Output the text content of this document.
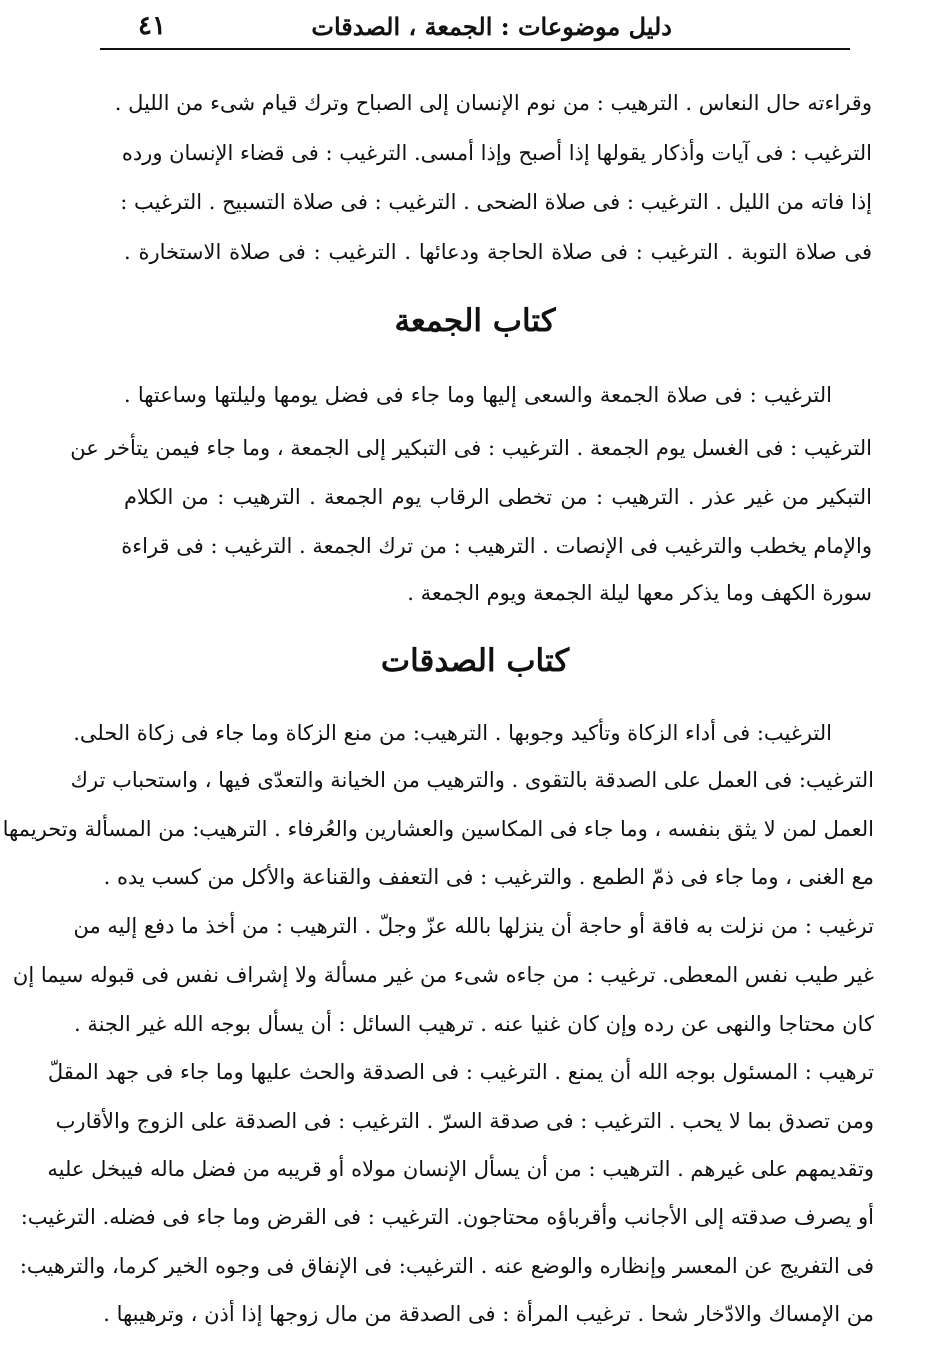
دليل موضوعات : الجمعة ، الصدقات
٤١
وقراءته حال النعاس . الترهيب : من نوم الإنسان إلى الصباح وترك قيام شىء من الليل .
الترغيب : فى آيات وأذكار يقولها إذا أصبح وإذا أمسى. الترغيب : فى قضاء الإنسان ورده
إذا فاته من الليل . الترغيب : فى صلاة الضحى . الترغيب : فى صلاة التسبيح . الترغيب :
فى صلاة التوبة . الترغيب : فى صلاة الحاجة ودعائها . الترغيب : فى صلاة الاستخارة .
كتاب الجمعة
الترغيب : فى صلاة الجمعة والسعى إليها وما جاء فى فضل يومها وليلتها وساعتها .
الترغيب : فى الغسل يوم الجمعة . الترغيب : فى التبكير إلى الجمعة ، وما جاء فيمن يتأخر عن
التبكير من غير عذر . الترهيب : من تخطى الرقاب يوم الجمعة . الترهيب : من الكلام
والإمام يخطب والترغيب فى الإنصات . الترهيب : من ترك الجمعة . الترغيب : فى قراءة
سورة الكهف وما يذكر معها ليلة الجمعة ويوم الجمعة .
كتاب الصدقات
الترغيب: فى أداء الزكاة وتأكيد وجوبها . الترهيب: من منع الزكاة وما جاء فى زكاة الحلى.
الترغيب: فى العمل على الصدقة بالتقوى . والترهيب من الخيانة والتعدّى فيها ، واستحباب ترك
العمل لمن لا يثق بنفسه ، وما جاء فى المكاسين والعشارين والعُرفاء . الترهيب: من المسألة وتحريمها
مع الغنى ، وما جاء فى ذمّ الطمع . والترغيب : فى التعفف والقناعة والأكل من كسب يده .
ترغيب : من نزلت به فاقة أو حاجة أن ينزلها بالله عزّ وجلّ . الترهيب : من أخذ ما دفع إليه من
غير طيب نفس المعطى. ترغيب : من جاءه شىء من غير مسألة ولا إشراف نفس فى قبوله سيما إن
كان محتاجا والنهى عن رده وإن كان غنيا عنه . ترهيب السائل : أن يسأل بوجه الله غير الجنة .
ترهيب : المسئول بوجه الله أن يمنع . الترغيب : فى الصدقة والحث عليها وما جاء فى جهد المقلّ
ومن تصدق بما لا يحب . الترغيب : فى صدقة السرّ . الترغيب : فى الصدقة على الزوج والأقارب
وتقديمهم على غيرهم . الترهيب : من أن يسأل الإنسان مولاه أو قريبه من فضل ماله فيبخل عليه
أو يصرف صدقته إلى الأجانب وأقرباؤه محتاجون. الترغيب : فى القرض وما جاء فى فضله. الترغيب:
فى التفريج عن المعسر وإنظاره والوضع عنه . الترغيب: فى الإنفاق فى وجوه الخير كرما، والترهيب:
من الإمساك والادّخار شحا . ترغيب المرأة : فى الصدقة من مال زوجها إذا أذن ، وترهيبها .
